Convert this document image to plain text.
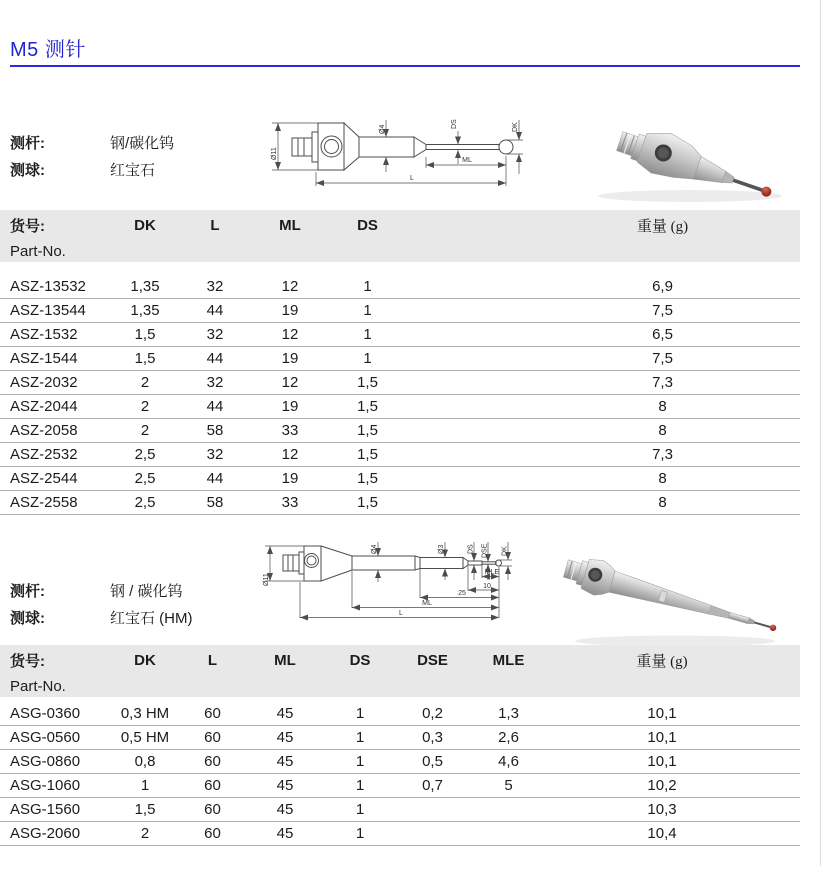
M5 测针
测杆:	钢/碳化钨
测球:	红宝石
Ø11
Ø4
DS	DK
ML
L
货号:	DK	L	ML	DS	重量 (g)
Part-No.					

ASZ-13532	1,35	32	12	1	6,9
ASZ-13544	1,35	44	19	1	7,5
ASZ-1532	1,5	32	12	1	6,5
ASZ-1544	1,5	44	19	1	7,5
ASZ-2032	2	32	12	1,5	7,3
ASZ-2044	2	44	19	1,5	8
ASZ-2058	2	58	33	1,5	8
ASZ-2532	2,5	32	12	1,5	7,3
ASZ-2544	2,5	44	19	1,5	8
ASZ-2558	2,5	58	33	1,5	8
测杆:	钢 / 碳化钨
测球:	红宝石 (HM)
Ø11
Ø4	Ø3	DS DSE DK
MLE
10
25
ML
L
货号:	DK	L	ML	DS	DSE	MLE	重量 (g)
Part-No.							

ASG-0360	0,3 HM	60	45	1	0,2	1,3	10,1
ASG-0560	0,5 HM	60	45	1	0,3	2,6	10,1
ASG-0860	0,8	60	45	1	0,5	4,6	10,1
ASG-1060	1	60	45	1	0,7	5	10,2
ASG-1560	1,5	60	45	1			10,3
ASG-2060	2	60	45	1			10,4
